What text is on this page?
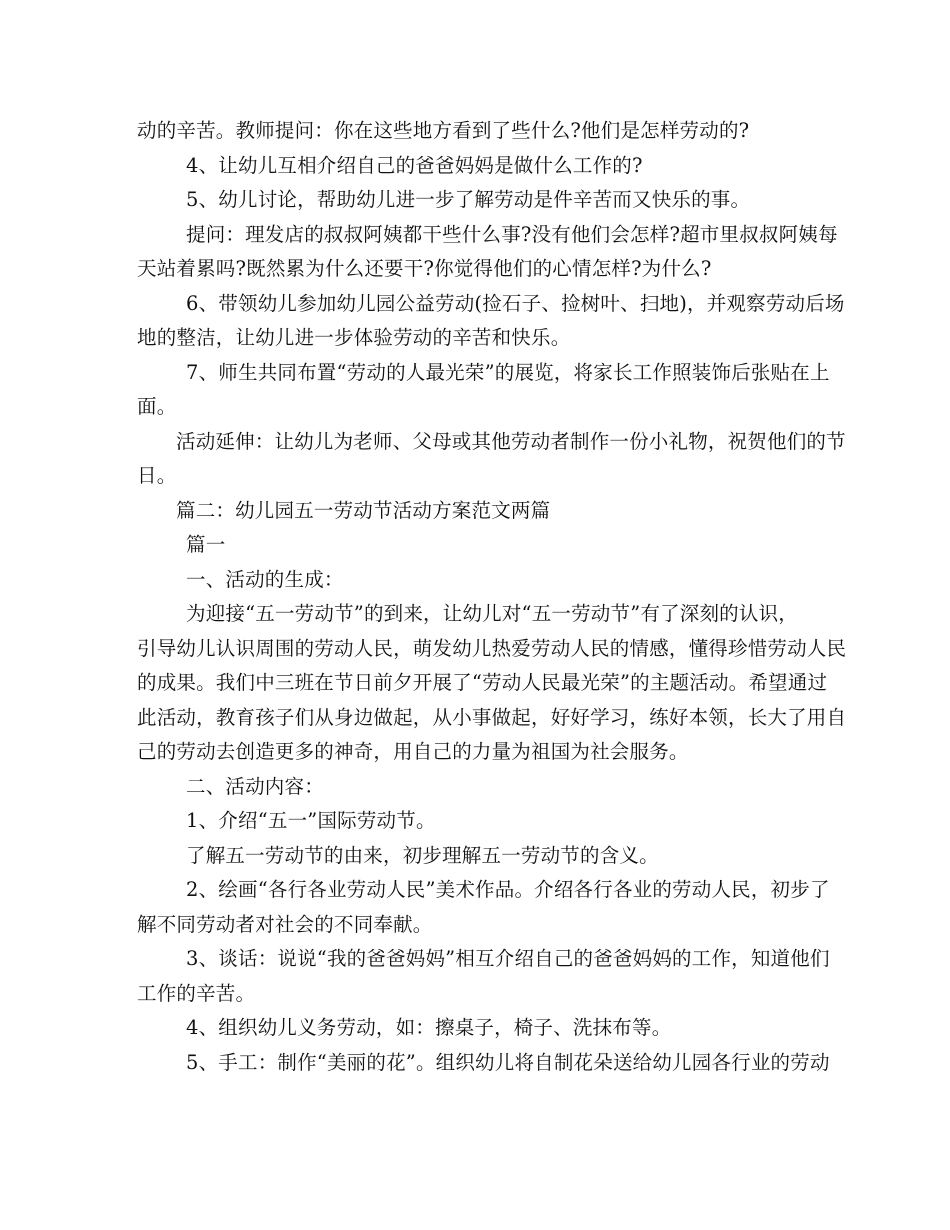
动的辛苦。教师提问：你在这些地方看到了些什么?他们是怎样劳动的?
4、让幼儿互相介绍自己的爸爸妈妈是做什么工作的?
5、幼儿讨论，帮助幼儿进一步了解劳动是件辛苦而又快乐的事。
提问：理发店的叔叔阿姨都干些什么事?没有他们会怎样?超市里叔叔阿姨每
天站着累吗?既然累为什么还要干?你觉得他们的心情怎样?为什么?
6、带领幼儿参加幼儿园公益劳动(捡石子、捡树叶、扫地)，并观察劳动后场
地的整洁，让幼儿进一步体验劳动的辛苦和快乐。
7、师生共同布置“劳动的人最光荣”的展览，将家长工作照装饰后张贴在上
面。
活动延伸：让幼儿为老师、父母或其他劳动者制作一份小礼物，祝贺他们的节
日。
篇二：幼儿园五一劳动节活动方案范文两篇
篇一
一、活动的生成：
为迎接“五一劳动节”的到来，让幼儿对“五一劳动节”有了深刻的认识，
引导幼儿认识周围的劳动人民，萌发幼儿热爱劳动人民的情感，懂得珍惜劳动人民
的成果。我们中三班在节日前夕开展了“劳动人民最光荣”的主题活动。希望通过
此活动，教育孩子们从身边做起，从小事做起，好好学习，练好本领，长大了用自
己的劳动去创造更多的神奇，用自己的力量为祖国为社会服务。
二、活动内容：
1、介绍“五一”国际劳动节。
了解五一劳动节的由来，初步理解五一劳动节的含义。
2、绘画“各行各业劳动人民”美术作品。介绍各行各业的劳动人民，初步了
解不同劳动者对社会的不同奉献。
3、谈话：说说“我的爸爸妈妈”相互介绍自己的爸爸妈妈的工作，知道他们
工作的辛苦。
4、组织幼儿义务劳动，如：擦桌子，椅子、洗抹布等。
5、手工：制作“美丽的花”。组织幼儿将自制花朵送给幼儿园各行业的劳动
